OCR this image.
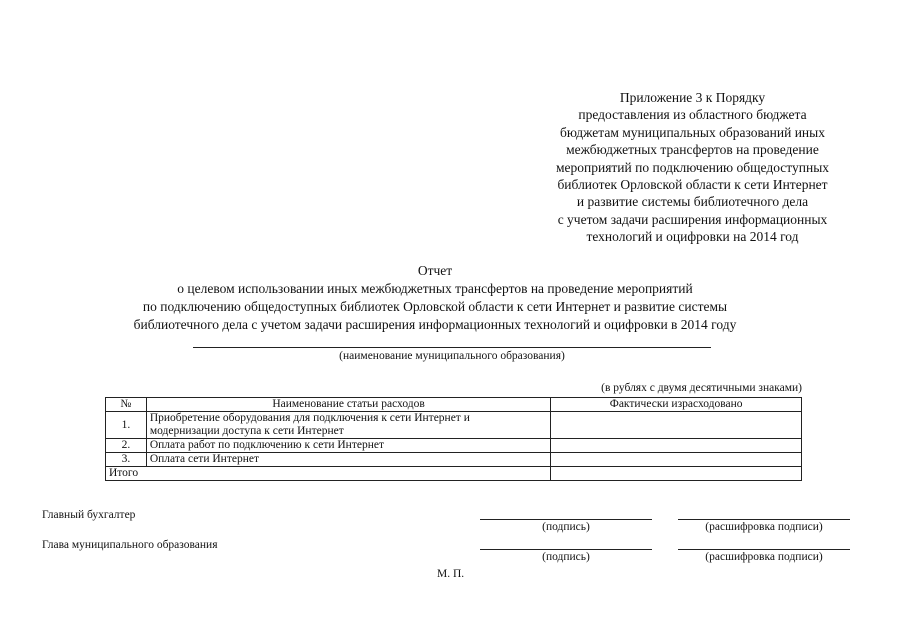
Приложение 3 к Порядку
предоставления из областного бюджета
бюджетам муниципальных образований иных
межбюджетных трансфертов на проведение
мероприятий по подключению общедоступных
библиотек Орловской области к сети Интернет
и развитие системы библиотечного дела
с учетом задачи расширения информационных
технологий и оцифровки на 2014 год
Отчет
о целевом использовании иных межбюджетных трансфертов на проведение мероприятий
по подключению общедоступных библиотек Орловской области к сети Интернет и развитие системы
библиотечного дела с учетом задачи расширения информационных технологий и оцифровки в 2014 году
(наименование муниципального образования)
(в рублях с двумя десятичными знаками)
№	Наименование статьи расходов	Фактически израсходовано
1.	Приобретение оборудования для подключения к сети Интернет и
модернизации доступа к сети Интернет	

2.	Оплата работ по подключению к сети Интернет	
3.	Оплата сети Интернет	
Итого		
Главный бухгалтер
(подпись)	(расшифровка подписи)
Глава муниципального образования
(подпись)	(расшифровка подписи)
М. П.
